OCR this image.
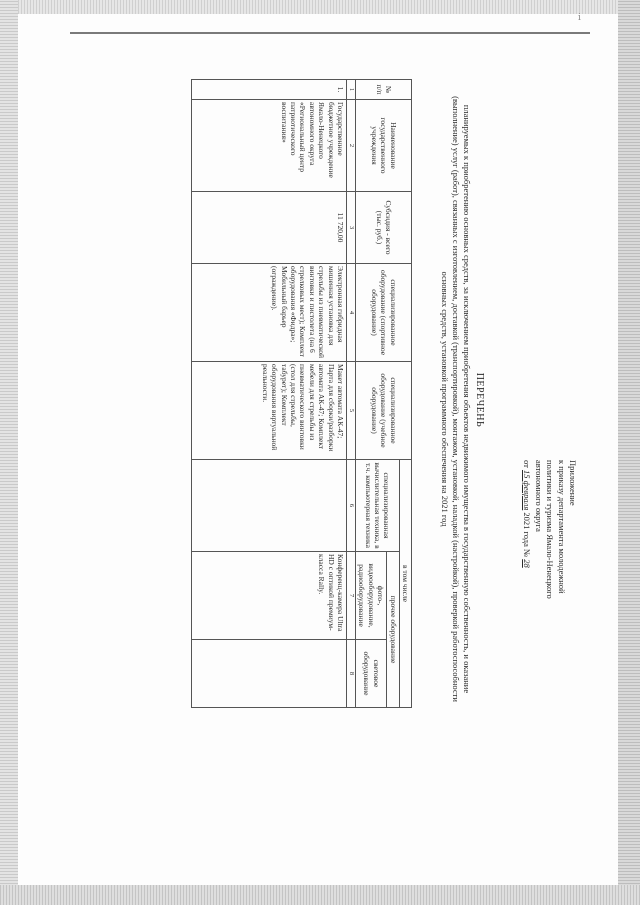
ⅰ
Приложение
к приказу департамента молодежной
политики и туризма Ямало-Ненецкого
автономного округа
от 15 февраля 2021 года № 28
ПЕРЕЧЕНЬ
планируемых к приобретению основных средств, за исключением приобретения объектов недвижимого имущества в государственную собственность, и оказание (выполнение) услуг (работ), связанных с изготовлением, доставкой (транспортировкой), монтажом, установкой, наладкой (настройкой), проверкой работоспособности основных средств, установкой программного обеспечения на 2021 год
№ п/п	Наименование государственного учреждения	Субсидия - всего (тыс. руб.)	специализированное оборудование (спортивное оборудование)	специализированное оборудование (учебное оборудование)	в том числе		
					специализированная вычислительная техника, в т.ч. компьютерная техника	прочее оборудование	
						фото-, видеооборудование, радиооборудование	световое оборудование
1	2	3	4	5	6	7	8
1.	Государственное бюджетное учреждение Ямало-Ненецкого автономного округа «Региональный центр патриотического воспитания»	11 720,00	Электронная гибридная мишенная установка для стрельбы из пневматической винтовки и пистолета (на 6 стрелковых мест); Комплект оборудования «Фидра»; Мобильный барьер (ограждение).	Макет автомата АК-47; Парта для сборки/разборки автомата АК-47; Комплект мебели для стрельбы из пневматического винтовки (стол для стрельбы, табурет); Комплект оборудования виртуальной реальности.		Конференц-камера Ultra HD с оптикой премиум-класса Rally.	
